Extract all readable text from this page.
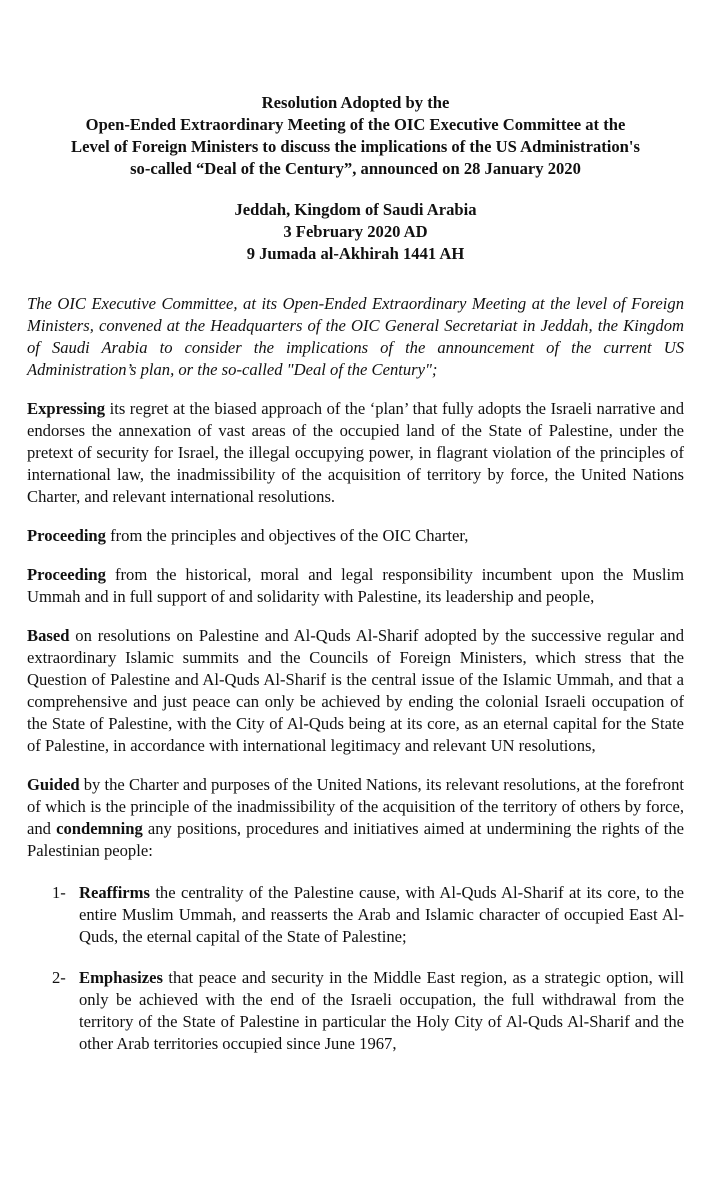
Resolution Adopted by the

Open-Ended Extraordinary Meeting of the OIC Executive Committee at the

Level of Foreign Ministers to discuss the implications of the US Administration's

so-called “Deal of the Century”, announced on 28 January 2020

Jeddah, Kingdom of Saudi Arabia

3 February 2020 AD

9 Jumada al-Akhirah 1441 AH

The OIC Executive Committee, at its Open-Ended Extraordinary Meeting at the level of Foreign Ministers, convened at the Headquarters of the OIC General Secretariat in Jeddah, the Kingdom of Saudi Arabia to consider the implications of the announcement of the current US Administration’s plan, or the so-called "Deal of the Century";

Expressing its regret at the biased approach of the ‘plan’ that fully adopts the Israeli narrative and endorses the annexation of vast areas of the occupied land of the State of Palestine, under the pretext of security for Israel, the illegal occupying power, in flagrant violation of the principles of international law, the inadmissibility of the acquisition of territory by force, the United Nations Charter, and relevant international resolutions.

Proceeding from the principles and objectives of the OIC Charter,

Proceeding from the historical, moral and legal responsibility incumbent upon the Muslim Ummah and in full support of and solidarity with Palestine, its leadership and people,

Based on resolutions on Palestine and Al-Quds Al-Sharif adopted by the successive regular and extraordinary Islamic summits and the Councils of Foreign Ministers, which stress that the Question of Palestine and Al-Quds Al-Sharif is the central issue of the Islamic Ummah, and that a comprehensive and just peace can only be achieved by ending the colonial Israeli occupation of the State of Palestine, with the City of Al-Quds being at its core, as an eternal capital for the State of Palestine, in accordance with international legitimacy and relevant UN resolutions,

Guided by the Charter and purposes of the United Nations, its relevant resolutions, at the forefront of which is the principle of the inadmissibility of the acquisition of the territory of others by force, and condemning any positions, procedures and initiatives aimed at undermining the rights of the Palestinian people:

1- Reaffirms the centrality of the Palestine cause, with Al-Quds Al-Sharif at its core, to the entire Muslim Ummah, and reasserts the Arab and Islamic character of occupied East Al-Quds, the eternal capital of the State of Palestine;
2- Emphasizes that peace and security in the Middle East region, as a strategic option, will only be achieved with the end of the Israeli occupation, the full withdrawal from the territory of the State of Palestine in particular the Holy City of Al-Quds Al-Sharif and the other Arab territories occupied since June 1967,
